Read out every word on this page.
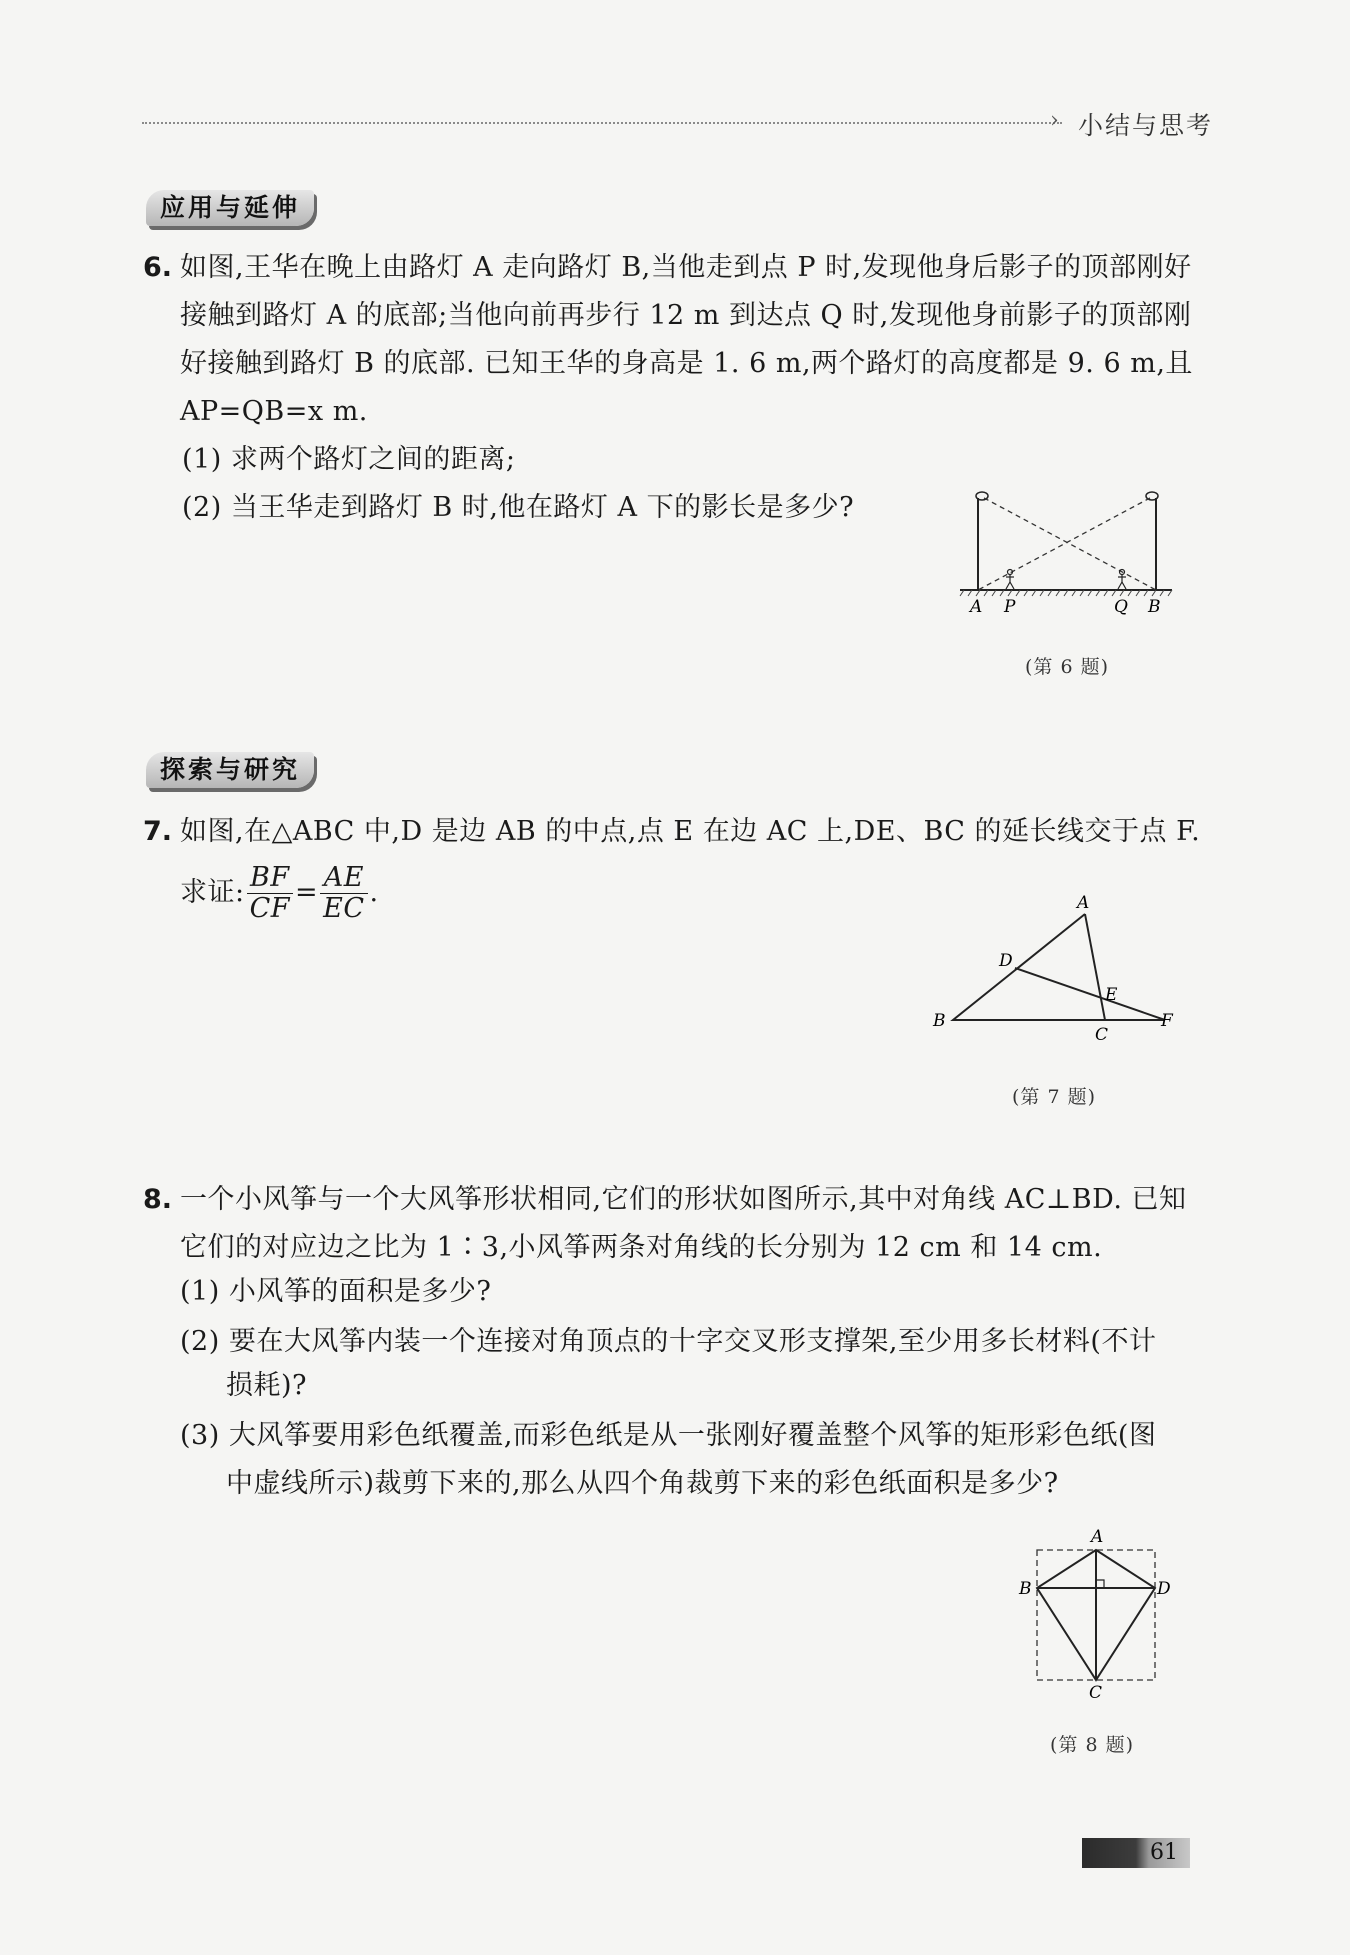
› 小结与思考
应用与延伸
6. 如图,王华在晚上由路灯 A 走向路灯 B,当他走到点 P 时,发现他身后影子的顶部刚好
接触到路灯 A 的底部;当他向前再步行 12 m 到达点 Q 时,发现他身前影子的顶部刚
好接触到路灯 B 的底部. 已知王华的身高是 1. 6 m,两个路灯的高度都是 9. 6 m,且
AP=QB=x m.
(1) 求两个路灯之间的距离;
(2) 当王华走到路灯 B 时,他在路灯 A 下的影长是多少?
A P	Q B
(第 6 题)
探索与研究
7. 如图,在△ABC 中,D 是边 AB 的中点,点 E 在边 AC 上,DE、BC 的延长线交于点 F.
求证: $\frac{BF}{CF} = \frac{AE}{EC}$ .	A
D
E
B
C
F
(第 7 题)
8. 一个小风筝与一个大风筝形状相同,它们的形状如图所示,其中对角线 AC⊥BD. 已知
它们的对应边之比为 1∶3,小风筝两条对角线的长分别为 12 cm 和 14 cm.
(1) 小风筝的面积是多少?
(2) 要在大风筝内装一个连接对角顶点的十字交叉形支撑架,至少用多长材料(不计
损耗)?
(3) 大风筝要用彩色纸覆盖,而彩色纸是从一张刚好覆盖整个风筝的矩形彩色纸(图
中虚线所示)裁剪下来的,那么从四个角裁剪下来的彩色纸面积是多少?
A
B	D
C
(第 8 题)
61
